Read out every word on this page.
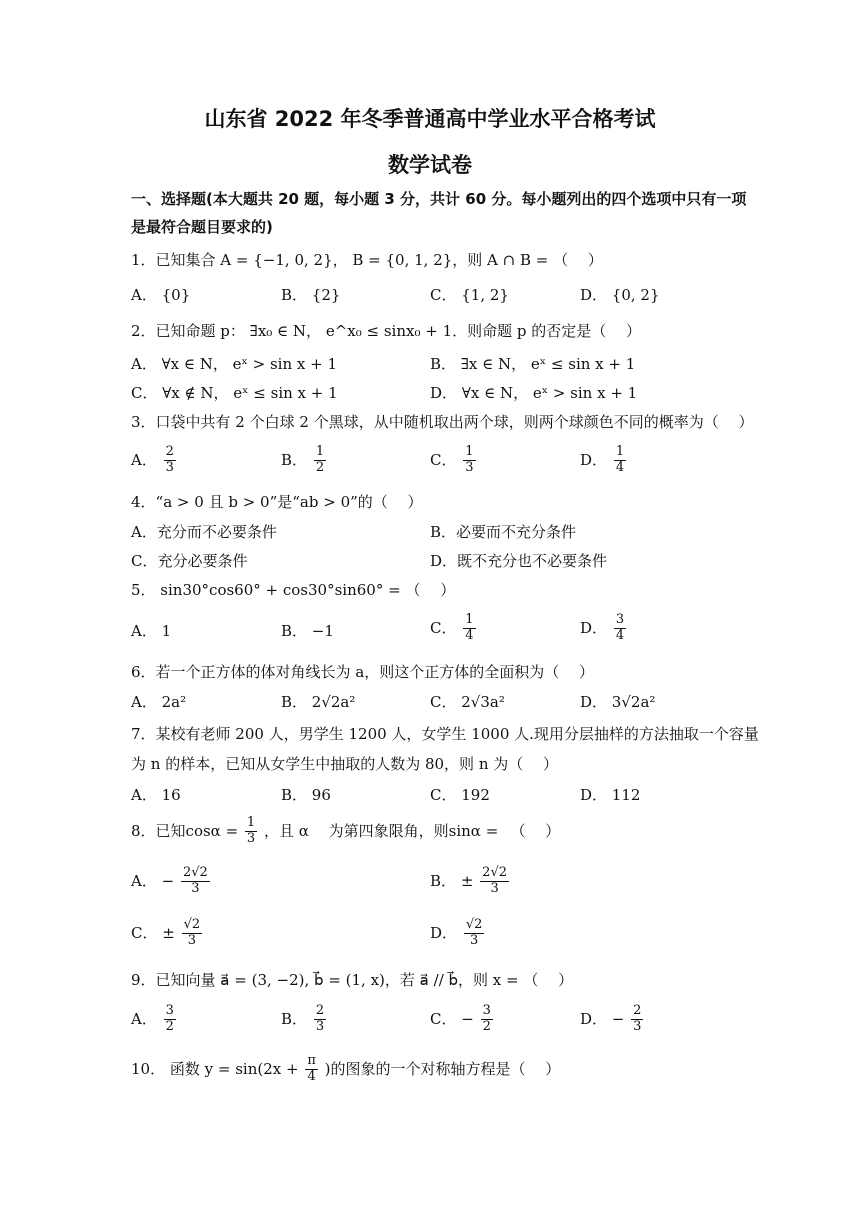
山东省 2022 年冬季普通高中学业水平合格考试
数学试卷
一、选择题(本大题共 20 题，每小题 3 分，共计 60 分。每小题列出的四个选项中只有一项
是最符合题目要求的)
1．已知集合 A = {−1, 0, 2}， B = {0, 1, 2}，则 A ∩ B = （　 ）
A． {0}	B． {2}	C． {1, 2}	D． {0, 2}
2．已知命题 p： ∃x₀ ∈ N， e^x₀ ≤ sinx₀ + 1．则命题 p 的否定是（　 ）
A． ∀x ∈ N， eˣ > sin x + 1	B． ∃x ∈ N， eˣ ≤ sin x + 1
C． ∀x ∉ N， eˣ ≤ sin x + 1	D． ∀x ∈ N， eˣ > sin x + 1
3．口袋中共有 2 个白球 2 个黑球，从中随机取出两个球，则两个球颜色不同的概率为（　 ）
A． $\frac{2}{3}$	B． $\frac{1}{2}$	C． $\frac{1}{3}$	D． $\frac{1}{4}$
4．“a > 0 且 b > 0”是“ab > 0”的（　 ）
A．充分而不必要条件	B．必要而不充分条件
C．充分必要条件	D．既不充分也不必要条件
5． sin30°cos60° + cos30°sin60° = （　 ）
A． 1	B． −1	C． $\frac{1}{4}$	D． $\frac{3}{4}$
6．若一个正方体的体对角线长为 a，则这个正方体的全面积为（　 ）
A． 2a²	B． 2√2a²	C． 2√3a²	D． 3√2a²
7．某校有老师 200 人，男学生 1200 人，女学生 1000 人.现用分层抽样的方法抽取一个容量
为 n 的样本，已知从女学生中抽取的人数为 80，则 n 为（　 ）
A． 16	B． 96	C． 192	D． 112
8．已知$\cos\alpha = \frac{1}{3}$ ，且 α 　为第四象限角，则sinα = 　（　 ）
A． − $\frac{2√2}{3}$	B． ± $\frac{2√2}{3}$
C． ± $\frac{√2}{3}$	D． $\frac{√2}{3}$
9．已知向量 a⃗ = (3, −2), b⃗ = (1, x)，若 a⃗ // b⃗，则 x = （　 ）
A． $\frac{3}{2}$	B． $\frac{2}{3}$	C． − $\frac{3}{2}$	D． − $\frac{2}{3}$
10． 函数 $y = \sin(2x + \frac{\pi}{4}$ )的图象的一个对称轴方程是（　 ）
